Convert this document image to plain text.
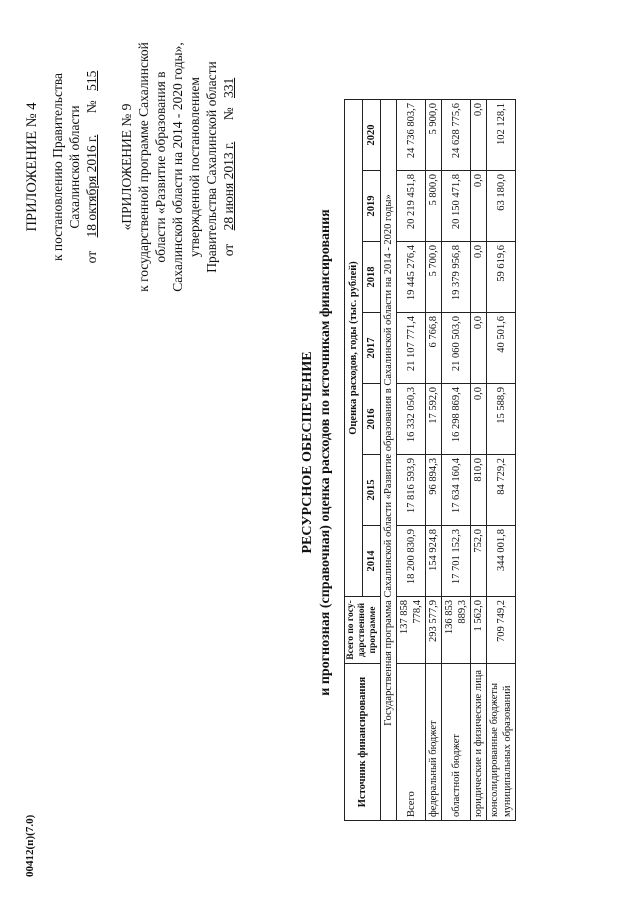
00412(п)(7.0)
ПРИЛОЖЕНИЕ № 4 к постановлению Правительства Сахалинской области
от 18 октября 2016 г. № 515
«ПРИЛОЖЕНИЕ № 9 к государственной программе Сахалинской области «Развитие образования в Сахалинской области на 2014 - 2020 годы», утвержденной постановлением Правительства Сахалинской области от 28 июня 2013 г. № 331
РЕСУРСНОЕ ОБЕСПЕЧЕНИЕ и прогнозная (справочная) оценка расходов по источникам финансирования
Источник финансирования	Всего по госу-дарственной программе	Оценка расходов, годы (тыс. рублей)						
		2014	2015	2016	2017	2018	2019	2020
Государственная программа Сахалинской области «Развитие образования в Сахалинской области на 2014 - 2020 годы»								
Всего	137 858 778,4	18 200 830,9	17 816 593,9	16 332 050,3	21 107 771,4	19 445 276,4	20 219 451,8	24 736 803,7
федеральный бюджет	293 577,9	154 924,8	96 894,3	17 592,0	6 766,8	5 700,0	5 800,0	5 900,0
областной бюджет	136 853 889,3	17 701 152,3	17 634 160,4	16 298 869,4	21 060 503,0	19 379 956,8	20 150 471,8	24 628 775,6
юридические и физические лица	1 562,0	752,0	810,0	0,0	0,0	0,0	0,0	0,0
консолидированные бюджеты муниципальных образований	709 749,2	344 001,8	84 729,2	15 588,9	40 501,6	59 619,6	63 180,0	102 128,1
